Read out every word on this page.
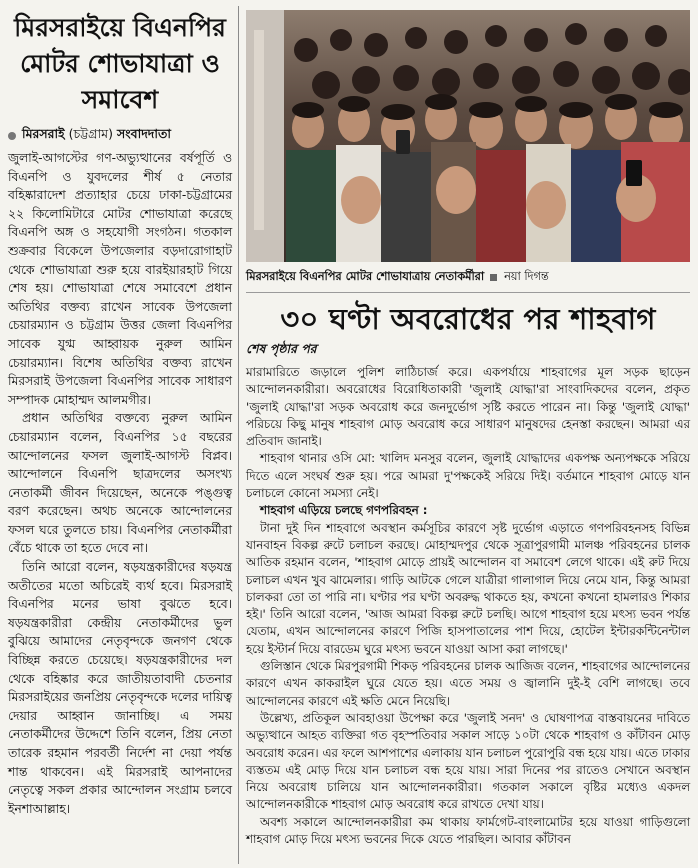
মিরসরাইয়ে বিএনপির মোটর শোভাযাত্রা ও সমাবেশ
মিরসরাই (চট্টগ্রাম) সংবাদদাতা

জুলাই-আগস্টের গণ-অভ্যুত্থানের বর্ষপূর্তি ও বিএনপি ও যুবদলের শীর্ষ ৫ নেতার বহিষ্কারাদেশ প্রত্যাহার চেয়ে ঢাকা-চট্টগ্রামের ২২ কিলোমিটারে মোটর শোভাযাত্রা করেছে বিএনপি অঙ্গ ও সহযোগী সংগঠন। গতকাল শুক্রবার বিকেলে উপজেলার বড়দারোগাহাট থেকে শোভাযাত্রা শুরু হয়ে বারইয়ারহাট গিয়ে শেষ হয়। শোভাযাত্রা শেষে সমাবেশে প্রধান অতিথির বক্তব্য রাখেন সাবেক উপজেলা চেয়ারম্যান ও চট্টগ্রাম উত্তর জেলা বিএনপির সাবেক যুগ্ম আহ্বায়ক নুরুল আমিন চেয়ারম্যান। বিশেষ অতিথির বক্তব্য রাখেন মিরসরাই উপজেলা বিএনপির সাবেক সাধারণ সম্পাদক মোহাম্মদ আলমগীর।

প্রধান অতিথির বক্তব্যে নুরুল আমিন চেয়ারম্যান বলেন, বিএনপির ১৫ বছরের আন্দোলনের ফসল জুলাই-আগস্ট বিপ্লব। আন্দোলনে বিএনপি ছাত্রদলের অসংখ্য নেতাকর্মী জীবন দিয়েছেন, অনেকে পঙ্গুত্ব বরণ করেছেন। অথচ অনেকে আন্দোলনের ফসল ঘরে তুলতে চায়। বিএনপির নেতাকর্মীরা বেঁচে থাকে তা হতে দেবে না।

তিনি আরো বলেন, ষড়যন্ত্রকারীদের ষড়যন্ত্র অতীতের মতো অচিরেই ব্যর্থ হবে। মিরসরাই বিএনপির মনের ভাষা বুঝতে হবে। ষড়যন্ত্রকারীরা কেন্দ্রীয় নেতাকর্মীদের ভুল বুঝিয়ে আমাদের নেতৃবৃন্দকে জনগণ থেকে বিচ্ছিন্ন করতে চেয়েছে। ষড়যন্ত্রকারীদের দল থেকে বহিষ্কার করে জাতীয়তাবাদী চেতনার মিরসরাইয়ের জনপ্রিয় নেতৃবৃন্দকে দলের দায়িত্ব দেয়ার আহ্বান জানাচ্ছি। এ সময় নেতাকর্মীদের উদ্দেশে তিনি বলেন, প্রিয় নেতা তারেক রহমান পরবর্তী নির্দেশ না দেয়া পর্যন্ত শান্ত থাকবেন। এই মিরসরাই আপনাদের নেতৃত্বে সকল প্রকার আন্দোলন সংগ্রাম চলবে ইনশাআল্লাহ।

মিরসরাইয়ে বিএনপির মোটর শোভাযাত্রায় নেতাকর্মীরা নয়া দিগন্ত
৩০ ঘণ্টা অবরোধের পর শাহবাগ
শেষ পৃষ্ঠার পর

মারামারিতে জড়ালে পুলিশ লাঠিচার্জ করে। একপর্যায়ে শাহবাগের মূল সড়ক ছাড়েন আন্দোলনকারীরা। অবরোধের বিরোধিতাকারী 'জুলাই যোদ্ধা'রা সাংবাদিকদের বলেন, প্রকৃত 'জুলাই যোদ্ধা'রা সড়ক অবরোধ করে জনদুর্ভোগ সৃষ্টি করতে পারেন না। কিন্তু 'জুলাই যোদ্ধা' পরিচয়ে কিছু মানুষ শাহবাগ মোড় অবরোধ করে সাধারণ মানুষদের হেনস্তা করছেন। আমরা এর প্রতিবাদ জানাই।

শাহবাগ থানার ওসি মো: খালিদ মনসুর বলেন, জুলাই যোদ্ধাদের একপক্ষ অন্যপক্ষকে সরিয়ে দিতে এলে সংঘর্ষ শুরু হয়। পরে আমরা দু'পক্ষকেই সরিয়ে দিই। বর্তমানে শাহবাগ মোড়ে যান চলাচলে কোনো সমস্যা নেই।

শাহবাগ এড়িয়ে চলছে গণপরিবহন :

টানা দুই দিন শাহবাগে অবস্থান কর্মসূচির কারণে সৃষ্ট দুর্ভোগ এড়াতে গণপরিবহনসহ বিভিন্ন যানবাহন বিকল্প রুটে চলাচল করছে। মোহাম্মদপুর থেকে সূত্রাপুরগামী মালঞ্চ পরিবহনের চালক আতিক রহমান বলেন, 'শাহবাগ মোড়ে প্রায়ই আন্দোলন বা সমাবেশ লেগে থাকে। এই রুট দিয়ে চলাচল এখন খুব ঝামেলার। গাড়ি আটকে গেলে যাত্রীরা গালাগাল দিয়ে নেমে যান, কিন্তু আমরা চালকরা তো তা পারি না। ঘণ্টার পর ঘণ্টা অবরুদ্ধ থাকতে হয়, কখনো কখনো হামলারও শিকার হই।' তিনি আরো বলেন, 'আজ আমরা বিকল্প রুটে চলছি। আগে শাহবাগ হয়ে মৎস্য ভবন পর্যন্ত যেতাম, এখন আন্দোলনের কারণে পিজি হাসপাতালের পাশ দিয়ে, হোটেল ইন্টারকন্টিনেন্টাল হয়ে ইস্টার্ন দিয়ে বারডেম ঘুরে মৎস্য ভবনে যাওয়া আসা করা লাগছে।'

গুলিস্তান থেকে মিরপুরগামী শিকড় পরিবহনের চালক আজিজ বলেন, শাহবাগের আন্দোলনের কারণে এখন কাকরাইল ঘুরে যেতে হয়। এতে সময় ও জ্বালানি দুই-ই বেশি লাগছে। তবে আন্দোলনের কারণে এই ক্ষতি মেনে নিয়েছি।

উল্লেখ্য, প্রতিকূল আবহাওয়া উপেক্ষা করে 'জুলাই সনদ' ও ঘোষণাপত্র বাস্তবায়নের দাবিতে অভ্যুত্থানে আহত ব্যক্তিরা গত বৃহস্পতিবার সকাল সাড়ে ১০টা থেকে শাহবাগ ও কাঁটাবন মোড় অবরোধ করেন। এর ফলে আশপাশের এলাকায় যান চলাচল পুরোপুরি বন্ধ হয়ে যায়। এতে ঢাকার ব্যস্ততম এই মোড় দিয়ে যান চলাচল বন্ধ হয়ে যায়। সারা দিনের পর রাতেও সেখানে অবস্থান নিয়ে অবরোধ চালিয়ে যান আন্দোলনকারীরা। গতকাল সকালে বৃষ্টির মধ্যেও একদল আন্দোলনকারীকে শাহবাগ মোড় অবরোধ করে রাখতে দেখা যায়।

অবশ্য সকালে আন্দোলনকারীরা কম থাকায় ফার্মগেট-বাংলামোটর হয়ে যাওয়া গাড়িগুলো শাহবাগ মোড় দিয়ে মৎস্য ভবনের দিকে যেতে পারছিল। আবার কাঁটাবন
